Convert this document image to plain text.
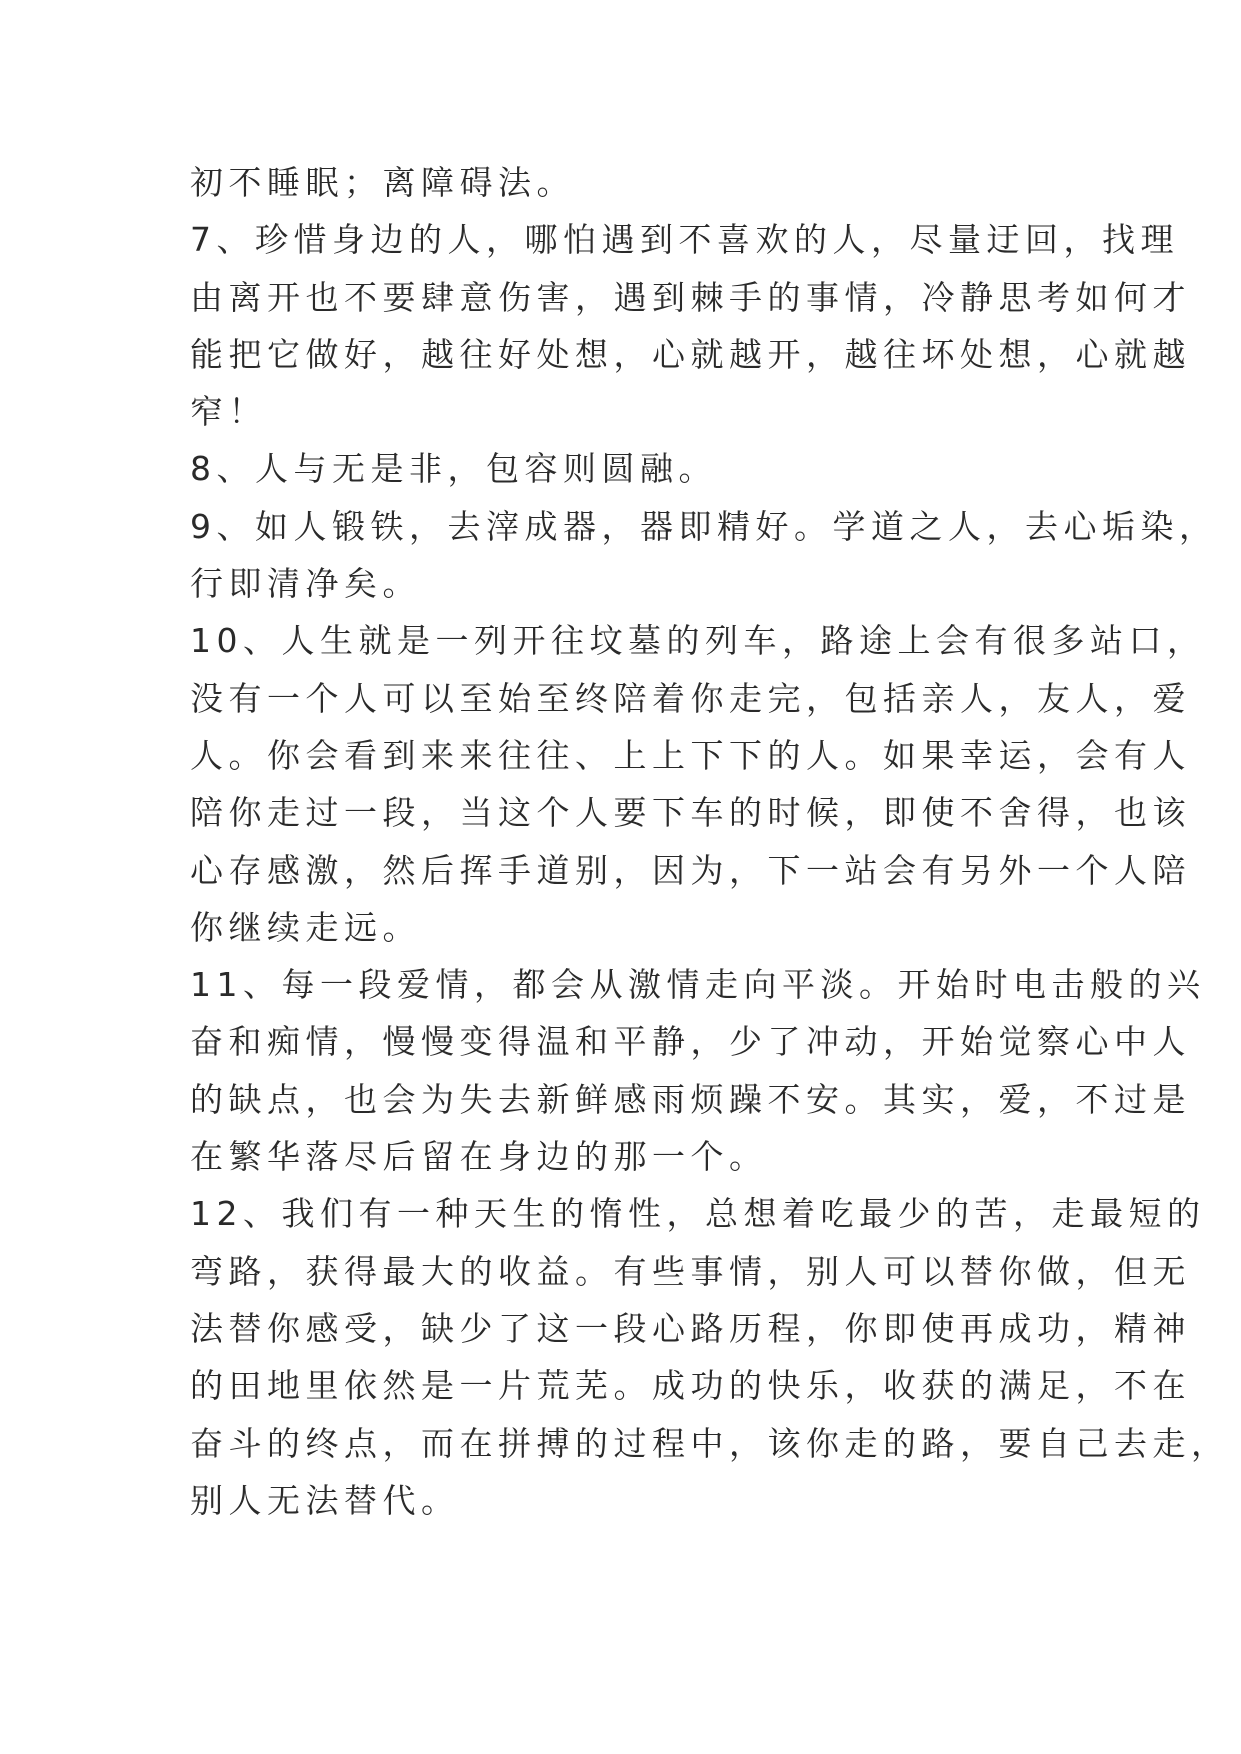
初不睡眠；离障碍法。
7、珍惜身边的人，哪怕遇到不喜欢的人，尽量迂回，找理
由离开也不要肆意伤害，遇到棘手的事情，冷静思考如何才
能把它做好，越往好处想，心就越开，越往坏处想，心就越
窄！
8、人与无是非，包容则圆融。
9、如人锻铁，去滓成器，器即精好。学道之人，去心垢染，
行即清净矣。
10、人生就是一列开往坟墓的列车，路途上会有很多站口，
没有一个人可以至始至终陪着你走完，包括亲人，友人，爱
人。你会看到来来往往、上上下下的人。如果幸运，会有人
陪你走过一段，当这个人要下车的时候，即使不舍得，也该
心存感激，然后挥手道别，因为，下一站会有另外一个人陪
你继续走远。
11、每一段爱情，都会从激情走向平淡。开始时电击般的兴
奋和痴情，慢慢变得温和平静，少了冲动，开始觉察心中人
的缺点，也会为失去新鲜感雨烦躁不安。其实，爱，不过是
在繁华落尽后留在身边的那一个。
12、我们有一种天生的惰性，总想着吃最少的苦，走最短的
弯路，获得最大的收益。有些事情，别人可以替你做，但无
法替你感受，缺少了这一段心路历程，你即使再成功，精神
的田地里依然是一片荒芜。成功的快乐，收获的满足，不在
奋斗的终点，而在拼搏的过程中，该你走的路，要自己去走，
别人无法替代。
